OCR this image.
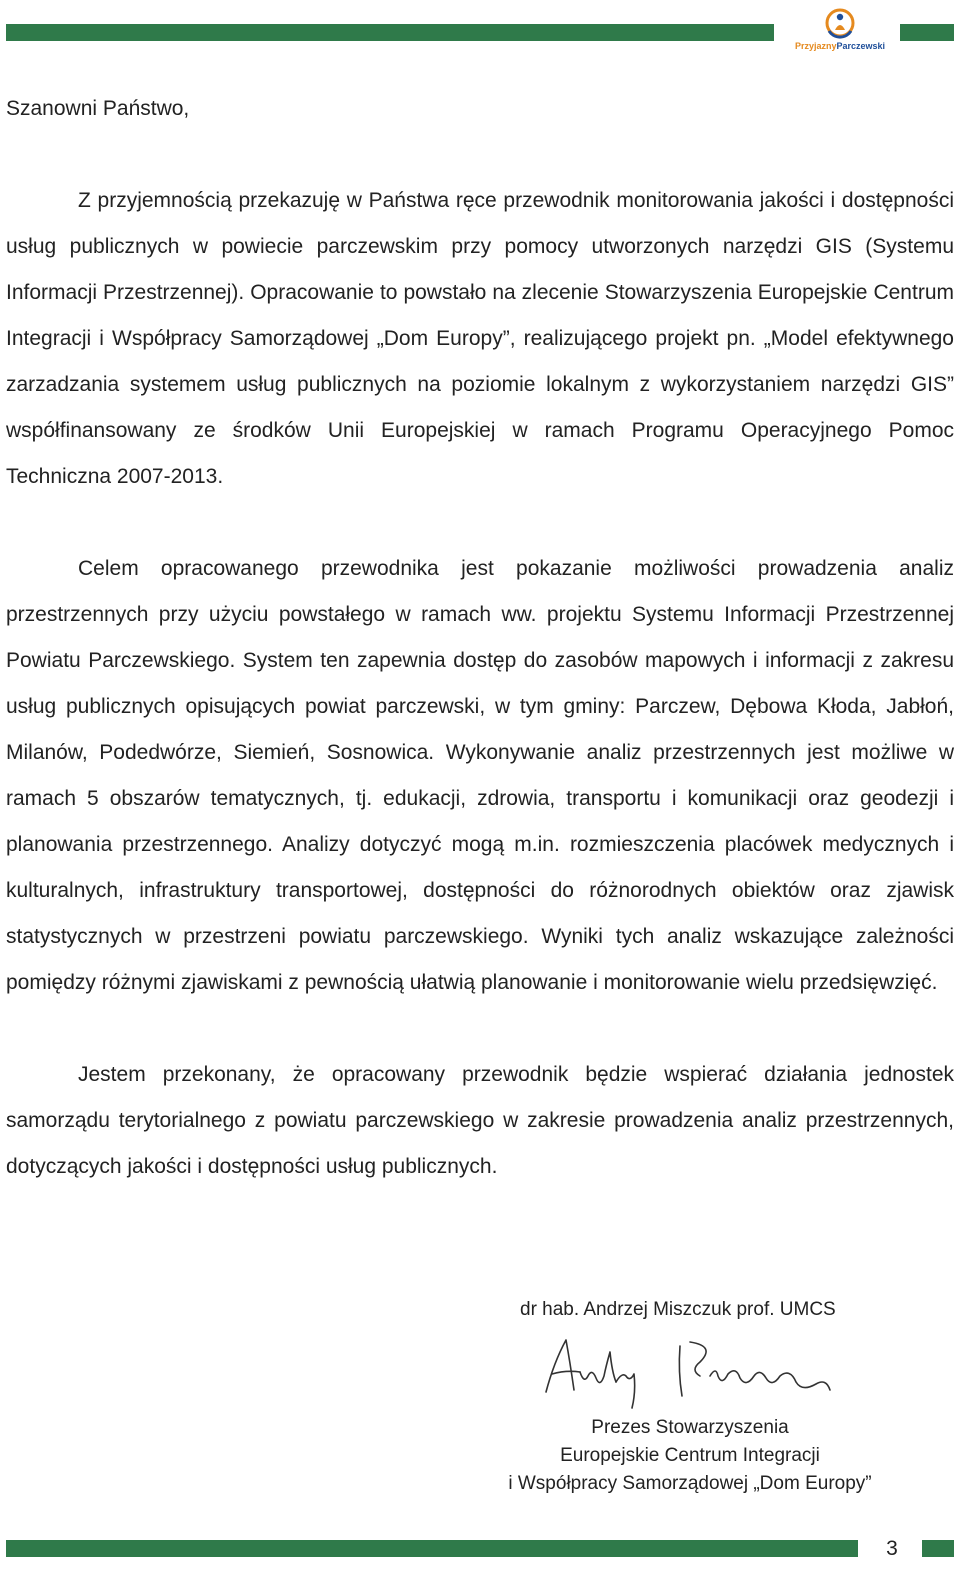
PrzyjaznyParczewski

Szanowni Państwo,

Z przyjemnością przekazuję w Państwa ręce przewodnik monitorowania jakości i dostępności usług publicznych w powiecie parczewskim przy pomocy utworzonych narzędzi GIS (Systemu Informacji Przestrzennej). Opracowanie to powstało na zlecenie Stowarzyszenia Europejskie Centrum Integracji i Współpracy Samorządowej „Dom Europy”, realizującego projekt pn. „Model efektywnego zarzadzania systemem usług publicznych na poziomie lokalnym z wykorzystaniem narzędzi GIS” współfinansowany ze środków Unii Europejskiej w ramach Programu Operacyjnego Pomoc Techniczna 2007-2013.

Celem opracowanego przewodnika jest pokazanie możliwości prowadzenia analiz przestrzennych przy użyciu powstałego w ramach ww. projektu Systemu Informacji Przestrzennej Powiatu Parczewskiego. System ten zapewnia dostęp do zasobów mapowych i informacji z zakresu usług publicznych opisujących powiat parczewski, w tym gminy: Parczew, Dębowa Kłoda, Jabłoń, Milanów, Podedwórze, Siemień, Sosnowica. Wykonywanie analiz przestrzennych jest możliwe w ramach 5 obszarów tematycznych, tj. edukacji, zdrowia, transportu i komunikacji oraz geodezji i planowania przestrzennego. Analizy dotyczyć mogą m.in. rozmieszczenia placówek medycznych i kulturalnych, infrastruktury transportowej, dostępności do różnorodnych obiektów oraz zjawisk statystycznych w przestrzeni powiatu parczewskiego. Wyniki tych analiz wskazujące zależności pomiędzy różnymi zjawiskami z pewnością ułatwią planowanie i monitorowanie wielu przedsięwzięć.

Jestem przekonany, że opracowany przewodnik będzie wspierać działania jednostek samorządu terytorialnego z powiatu parczewskiego w zakresie prowadzenia analiz przestrzennych, dotyczących jakości i dostępności usług publicznych.

dr hab. Andrzej Miszczuk prof. UMCS
Prezes Stowarzyszenia
Europejskie Centrum Integracji
i Współpracy Samorządowej „Dom Europy”
3
